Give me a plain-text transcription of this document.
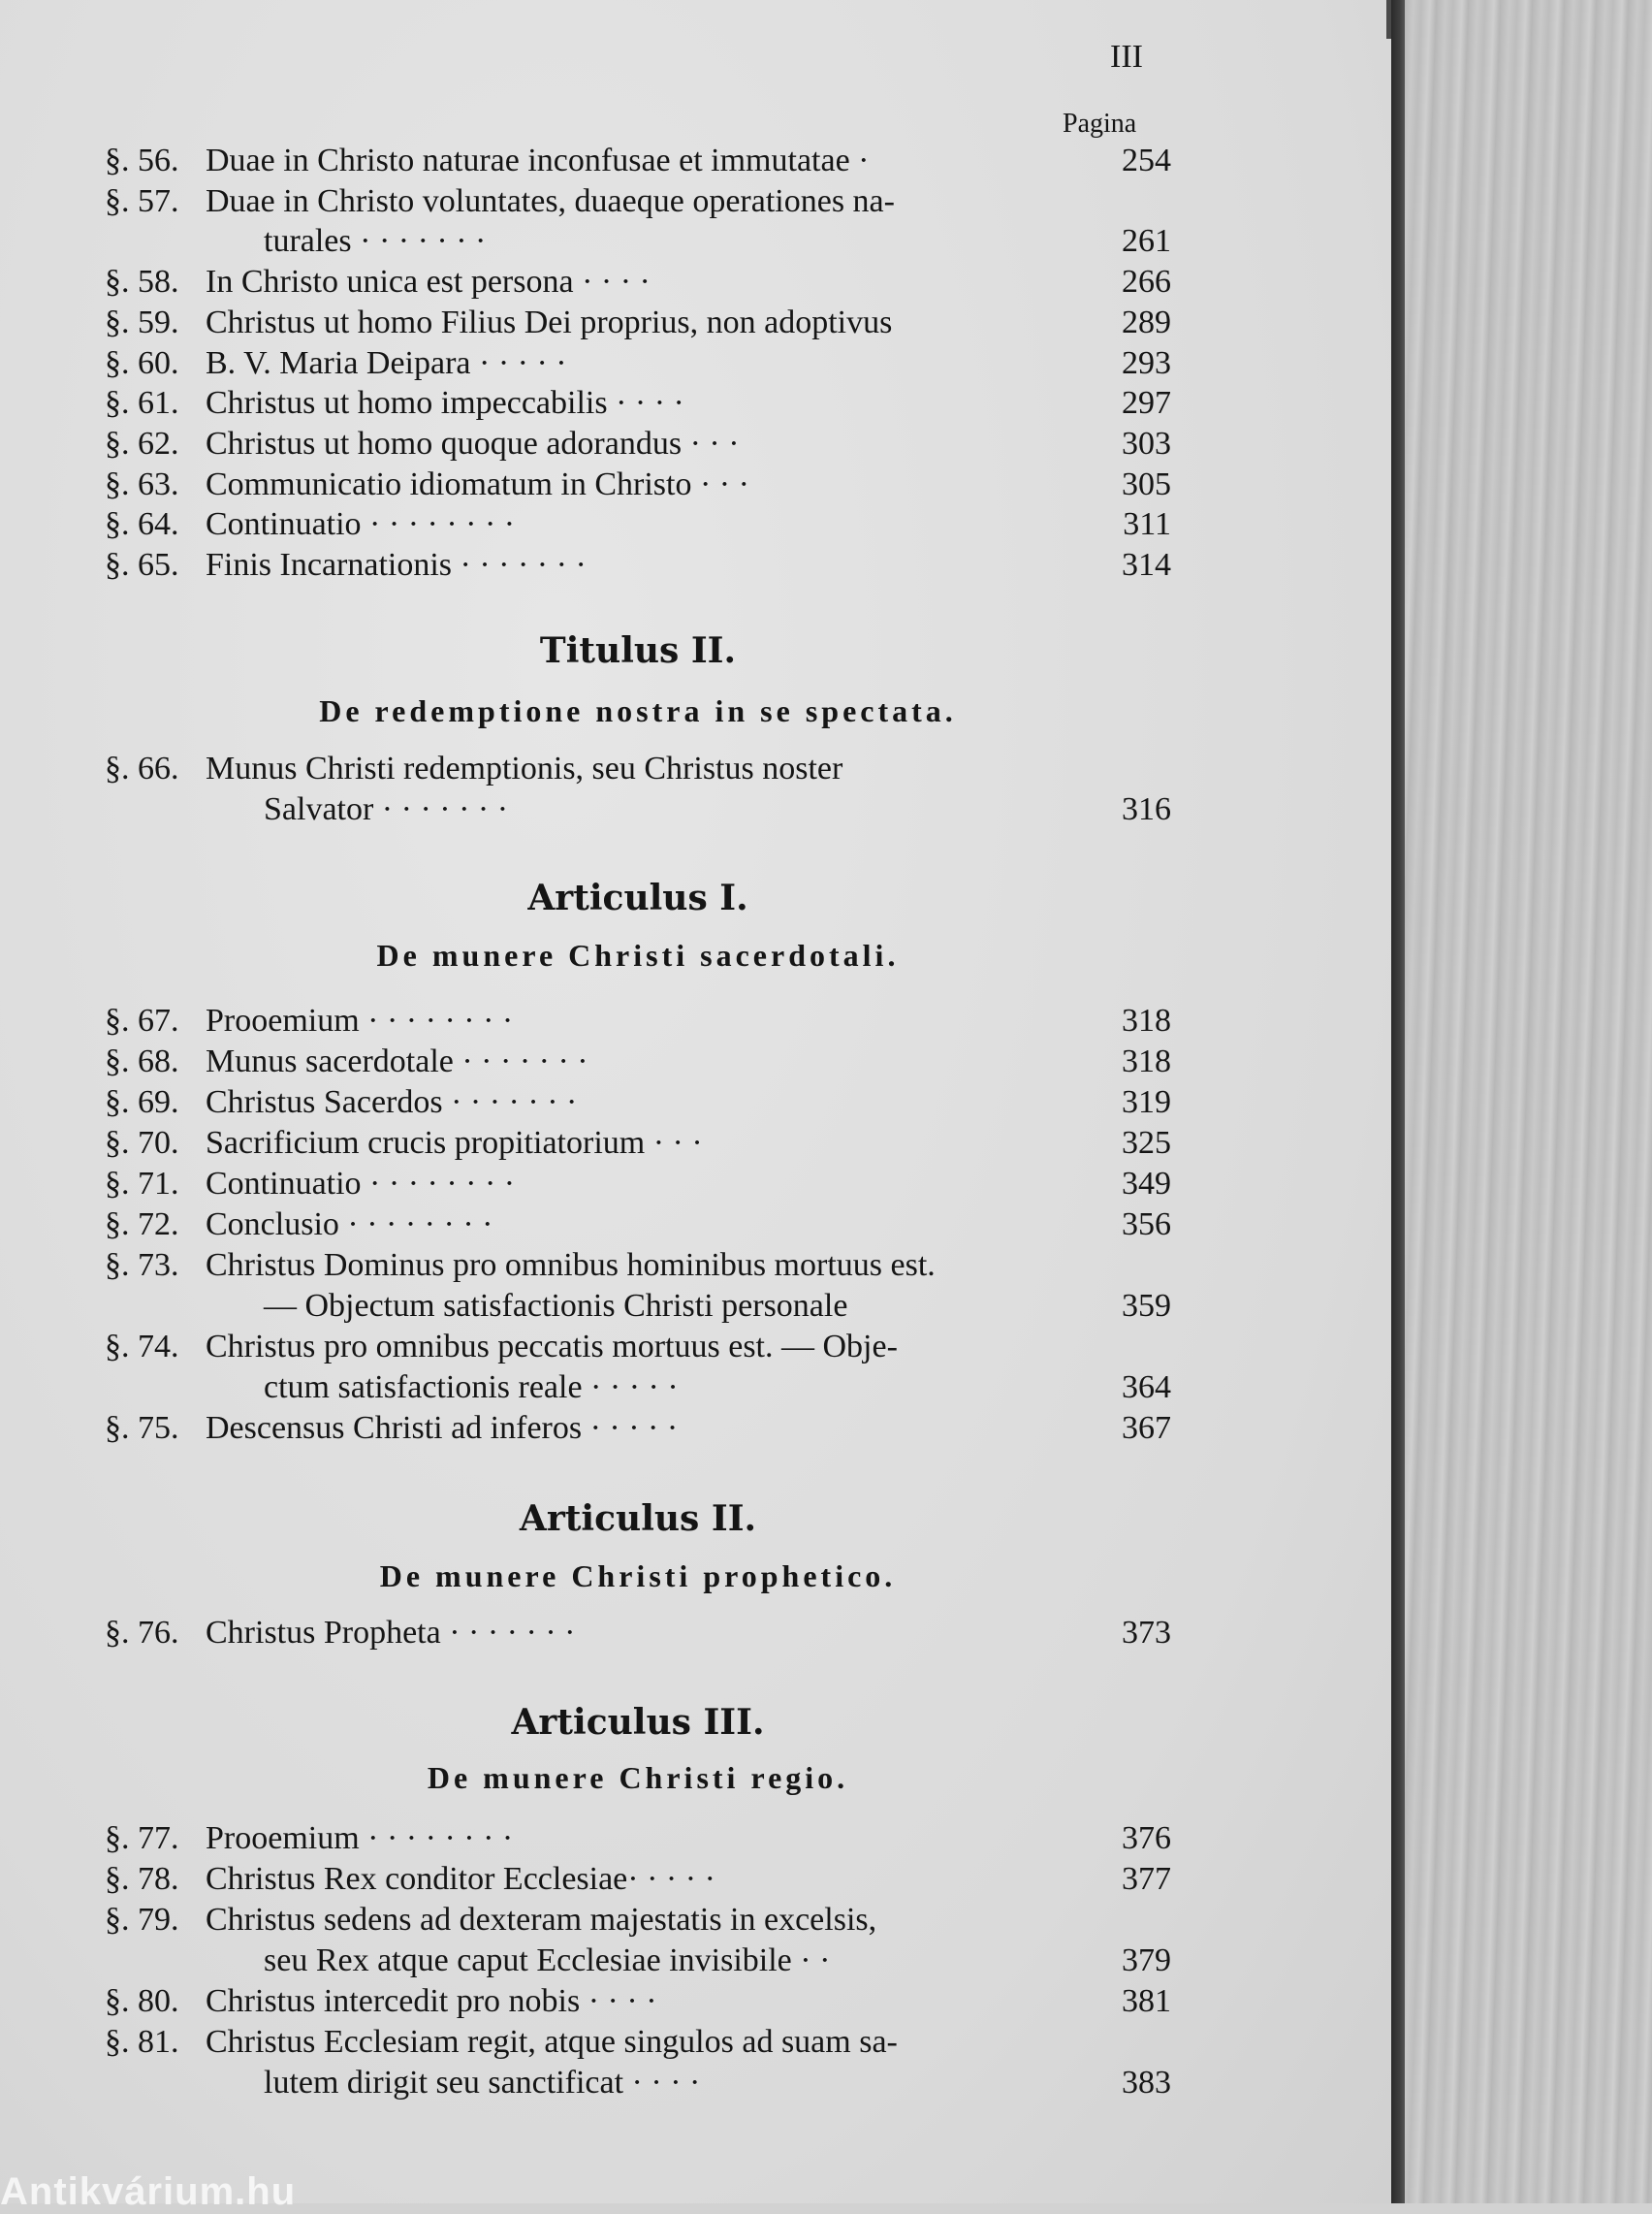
III
Pagina
§. 56. Duae in Christo naturae inconfusae et immutatae ·	254
§. 57. Duae in Christo voluntates, duaeque operationes na-
turales · · · · · · ·	261
§. 58. In Christo unica est persona · · · ·	266
§. 59. Christus ut homo Filius Dei proprius, non adoptivus	289
§. 60. B. V. Maria Deipara · · · · ·	293
§. 61. Christus ut homo impeccabilis · · · ·	297
§. 62. Christus ut homo quoque adorandus · · ·	303
§. 63. Communicatio idiomatum in Christo · · ·	305
§. 64. Continuatio · · · · · · · ·	311
§. 65. Finis Incarnationis · · · · · · ·	314
Titulus II.
De redemptione nostra in se spectata.
§. 66. Munus Christi redemptionis, seu Christus noster
Salvator · · · · · · ·	316
Articulus I.
De munere Christi sacerdotali.
§. 67. Prooemium · · · · · · · ·	318
§. 68. Munus sacerdotale · · · · · · ·	318
§. 69. Christus Sacerdos · · · · · · ·	319
§. 70. Sacrificium crucis propitiatorium · · ·	325
§. 71. Continuatio · · · · · · · ·	349
§. 72. Conclusio · · · · · · · ·	356
§. 73. Christus Dominus pro omnibus hominibus mortuus est.
— Objectum satisfactionis Christi personale	359
§. 74. Christus pro omnibus peccatis mortuus est. — Obje-
ctum satisfactionis reale · · · · ·	364
§. 75. Descensus Christi ad inferos · · · · ·	367
Articulus II.
De munere Christi prophetico.
§. 76. Christus Propheta · · · · · · ·	373
Articulus III.
De munere Christi regio.
§. 77. Prooemium · · · · · · · ·	376
§. 78. Christus Rex conditor Ecclesiae· · · · ·	377
§. 79. Christus sedens ad dexteram majestatis in excelsis,
seu Rex atque caput Ecclesiae invisibile · ·	379
§. 80. Christus intercedit pro nobis · · · ·	381
§. 81. Christus Ecclesiam regit, atque singulos ad suam sa-
lutem dirigit seu sanctificat · · · ·	383
Antikvárium.hu
